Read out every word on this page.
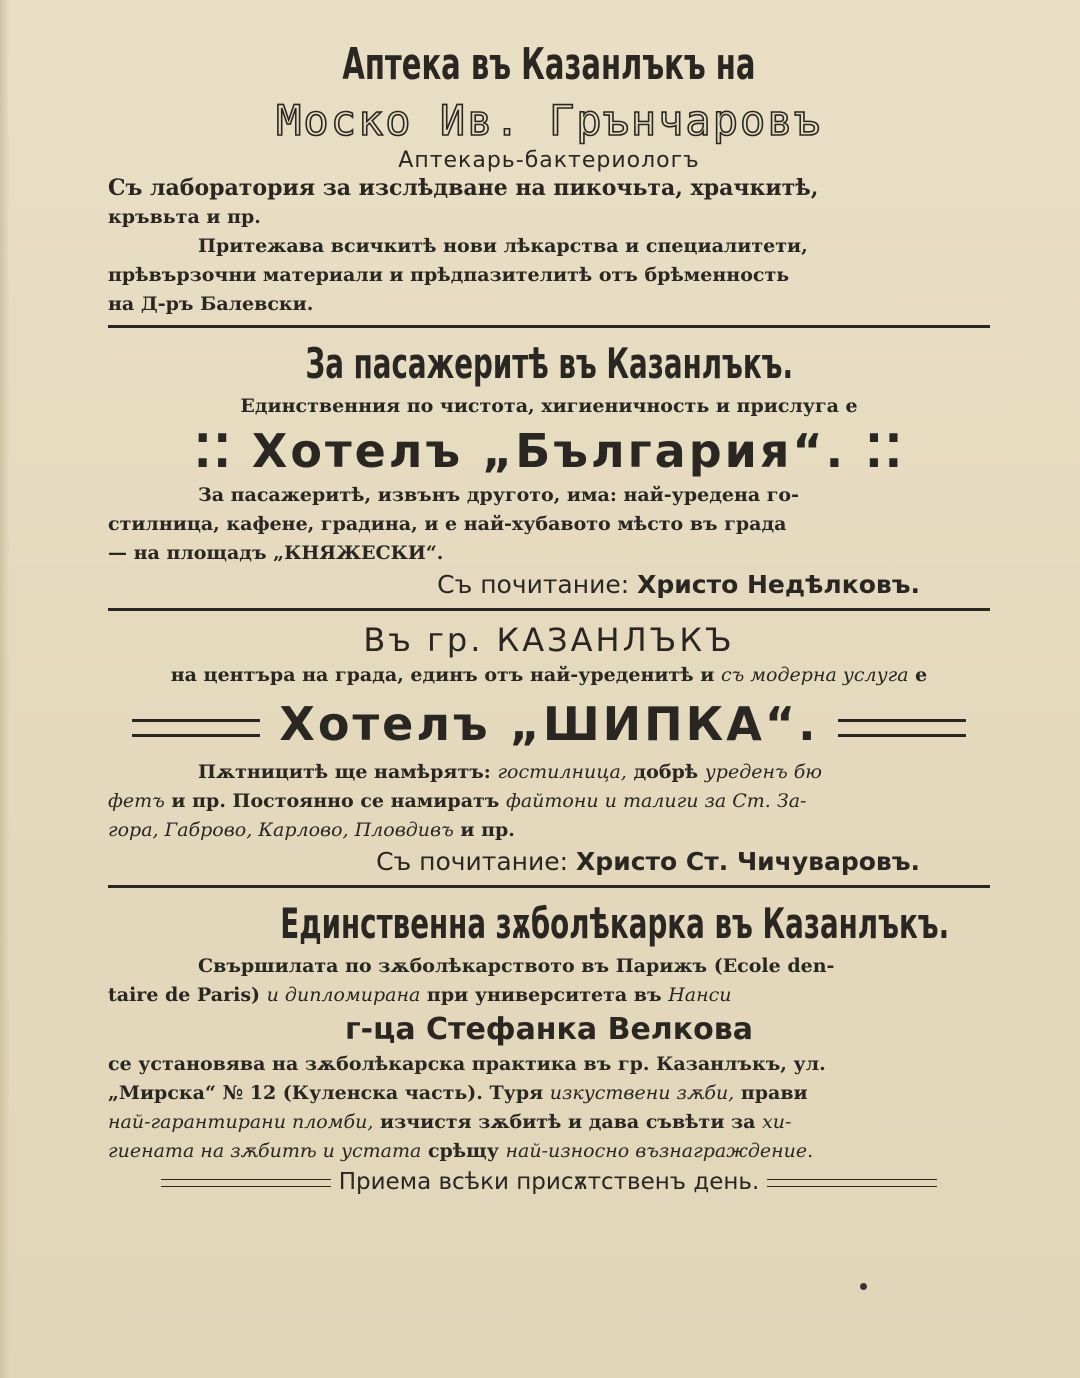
Аптека въ Казанлъкъ на
Моско Ив. Грънчаровъ
Аптекарь-бактериологъ
Съ лаборатория за изслѣдване на пикочьта, храчкитѣ,
кръвьта и пр.
Притежава всичкитѣ нови лѣкарства и специалитети,
прѣвързочни материали и прѣдпазителитѣ отъ брѣменность
на Д-ръ Балевски.
За пасажеритѣ въ Казанлъкъ.
Единственния по чистота, хигиеничность и прислуга е
⁚⁚ Хотелъ „България“. ⁚⁚
За пасажеритѣ, извънъ другото, има: най-уредена го-
стилница, кафене, градина, и е най-хубавото мѣсто въ града
— на площадъ „КНЯЖЕСКИ“.
Съ почитание: Христо Недѣлковъ.
Въ гр. КАЗАНЛЪКЪ
на центъра на града, единъ отъ най-уреденитѣ и съ модерна услуга е
Хотелъ „ШИПКА“.
Пѫтницитѣ ще намѣрятъ: гостилница, добрѣ уреденъ бю
фетъ и пр. Постоянно се намиратъ файтони и талиги за Ст. За-
гора, Габрово, Карлово, Пловдивъ и пр.
Съ почитание: Христо Ст. Чичуваровъ.
Единственна зѫболѣкарка въ Казанлъкъ.
Свършилата по зѫболѣкарството въ Парижъ (Ecole den-
taire de Paris) и дипломирана при университета въ Нанси
г-ца Стефанка Велкова
се установява на зѫболѣкарска практика въ гр. Казанлъкъ, ул.
„Мирска“ № 12 (Куленска часть). Туря изкуствени зѫби, прави
най-гарантирани пломби, изчистя зѫбитѣ и дава съвѣти за хи-
гиената на зѫбитѣ и устата срѣщу най-износно възнаграждение.
Приема всѣки присѫтственъ день.
